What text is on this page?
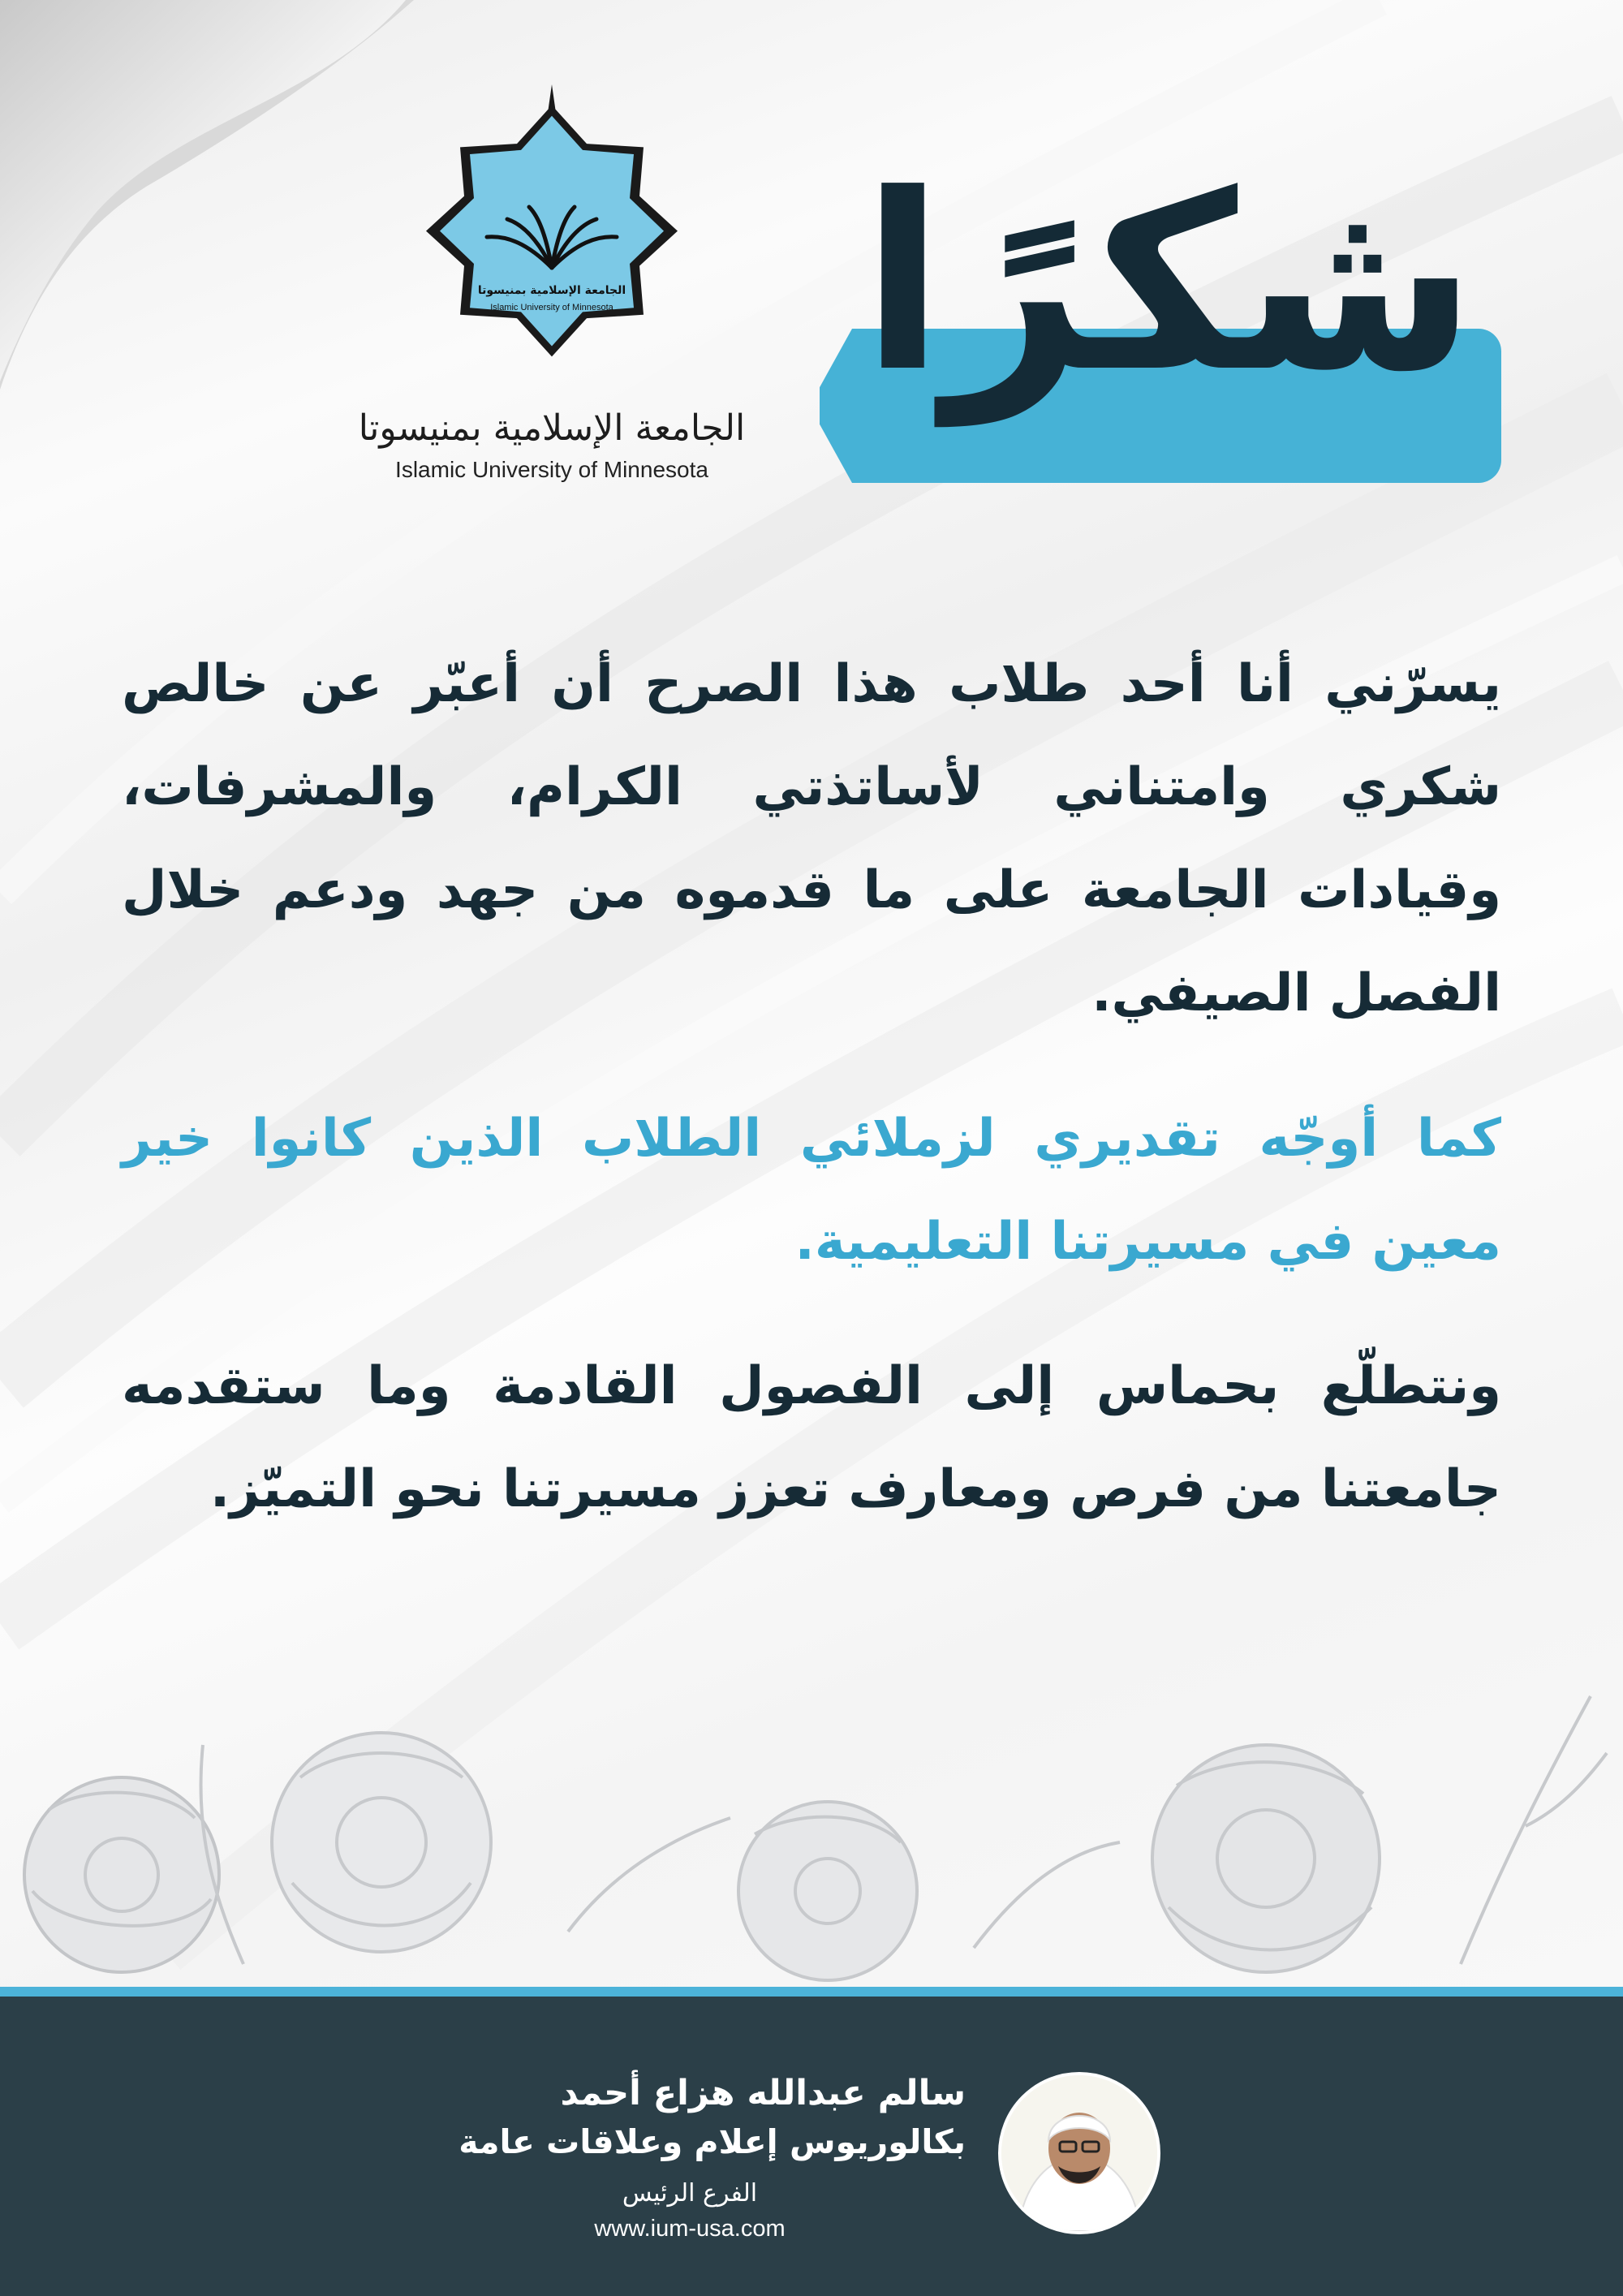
الجامعة الإسلامية بمنيسوتا
Islamic University of Minnesota
الجامعة الإسلامية بمنيسوتا
Islamic University of Minnesota
شكرًا

يسرّني أنا أحد طلاب هذا الصرح أن أعبّر عن خالص شكري وامتناني لأساتذتي الكرام، والمشرفات، وقيادات الجامعة على ما قدموه من جهد ودعم خلال الفصل الصيفي.

كما أوجّه تقديري لزملائي الطلاب الذين كانوا خير معين في مسيرتنا التعليمية.

ونتطلّع بحماس إلى الفصول القادمة وما ستقدمه جامعتنا من فرص ومعارف تعزز مسيرتنا نحو التميّز.

سالم عبدالله هزاع أحمد
بكالوريوس إعلام وعلاقات عامة
الفرع الرئيس
www.ium-usa.com
